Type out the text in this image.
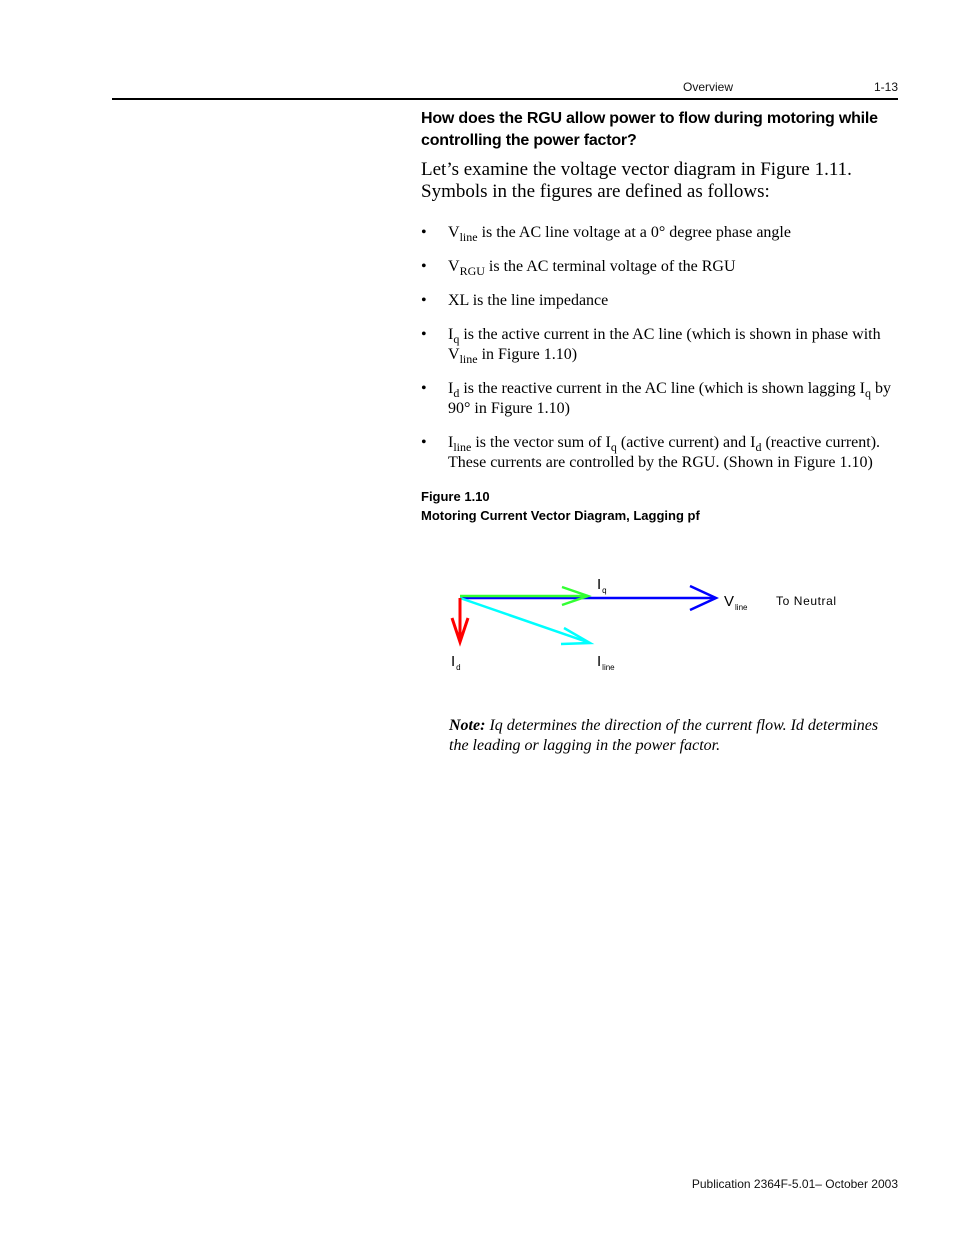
Overview	1-13
How does the RGU allow power to flow during motoring while controlling the power factor?

Let’s examine the voltage vector diagram in Figure 1.11. Symbols in the figures are defined as follows:

• $V_{line}$ is the AC line voltage at a 0° degree phase angle
• $V_{RGU}$ is the AC terminal voltage of the RGU
• XL is the line impedance
• $I_q$ is the active current in the AC line (which is shown in phase with $V_{line}$ in Figure 1.10)
• $I_d$ is the reactive current in the AC line (which is shown lagging $I_q$ by 90° in Figure 1.10)
• $I_{line}$ is the vector sum of $I_q$ (active current) and $I_d$ (reactive current). These currents are controlled by the RGU. (Shown in Figure 1.10)
Figure 1.10
Motoring Current Vector Diagram, Lagging pf
$I_q$
$V_{line}$ To Neutral
$I_d$	$I_{line}$
Note: Iq determines the direction of the current flow. Id determines the leading or lagging in the power factor.
Publication 2364F-5.01– October 2003
